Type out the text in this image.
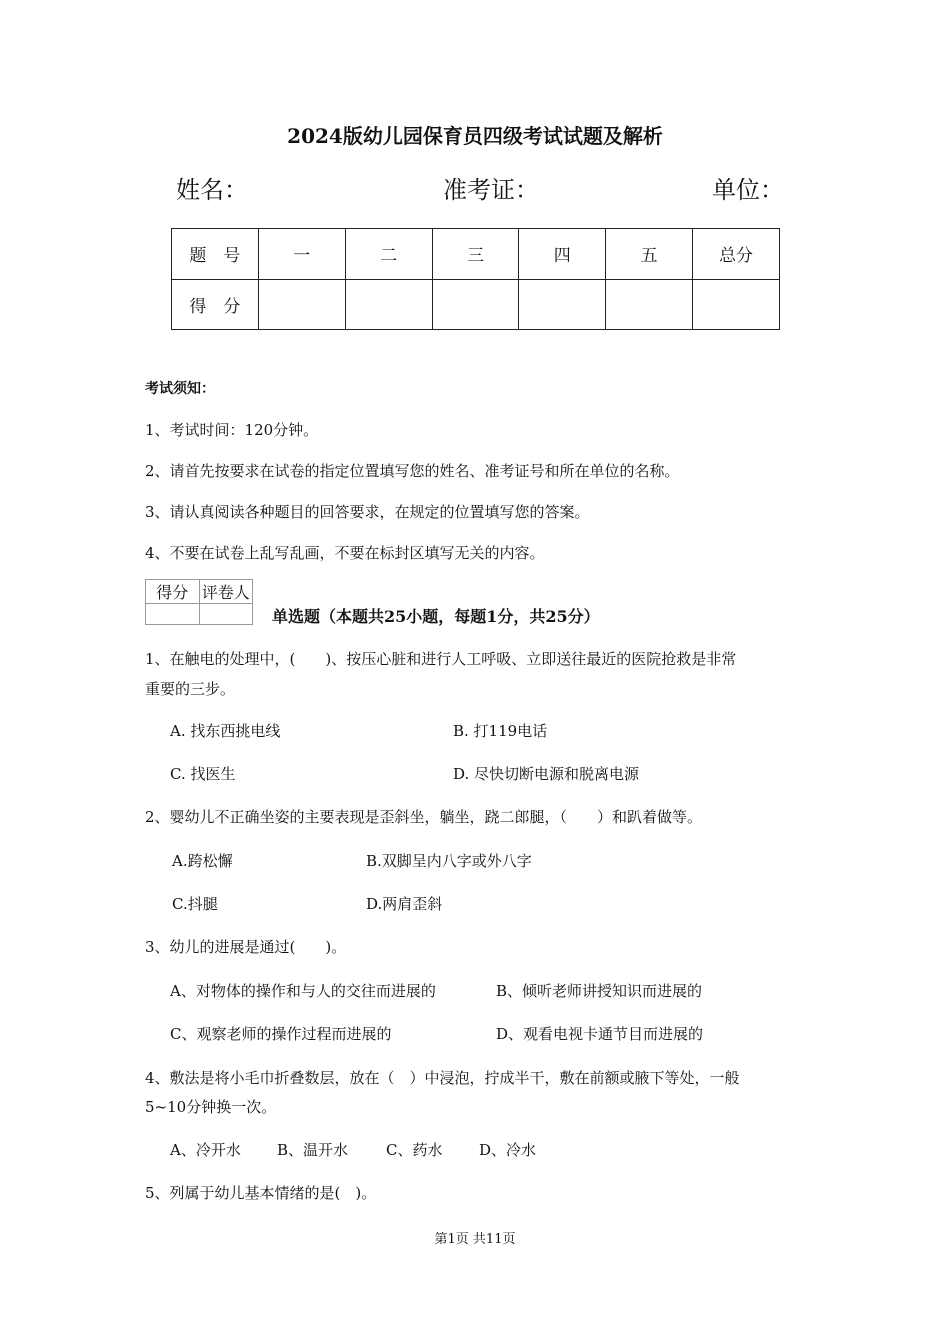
2024版幼儿园保育员四级考试试题及解析
姓名：	准考证：	单位：
题　号	一	二	三	四	五	总分
得　分						
考试须知：
1、考试时间：120分钟。
2、请首先按要求在试卷的指定位置填写您的姓名、准考证号和所在单位的名称。
3、请认真阅读各种题目的回答要求，在规定的位置填写您的答案。
4、不要在试卷上乱写乱画，不要在标封区填写无关的内容。
得分	评卷人

单选题（本题共25小题，每题1分，共25分）
1、在触电的处理中，(　　)、按压心脏和进行人工呼吸、立即送往最近的医院抢救是非常
重要的三步。
A. 找东西挑电线	B. 打119电话
C. 找医生	D. 尽快切断电源和脱离电源
2、婴幼儿不正确坐姿的主要表现是歪斜坐，躺坐，跷二郎腿，（　　）和趴着做等。
A.跨松懈	B.双脚呈内八字或外八字
C.抖腿	D.两肩歪斜
3、幼儿的进展是通过(　　)。
A、对物体的操作和与人的交往而进展的	B、倾听老师讲授知识而进展的
C、观察老师的操作过程而进展的	D、观看电视卡通节目而进展的
4、敷法是将小毛巾折叠数层，放在（　）中浸泡，拧成半干，敷在前额或腋下等处，一般
5~10分钟换一次。
A、冷开水 B、温开水	C、药水 D、冷水
5、列属于幼儿基本情绪的是(　)。
第1页 共11页
